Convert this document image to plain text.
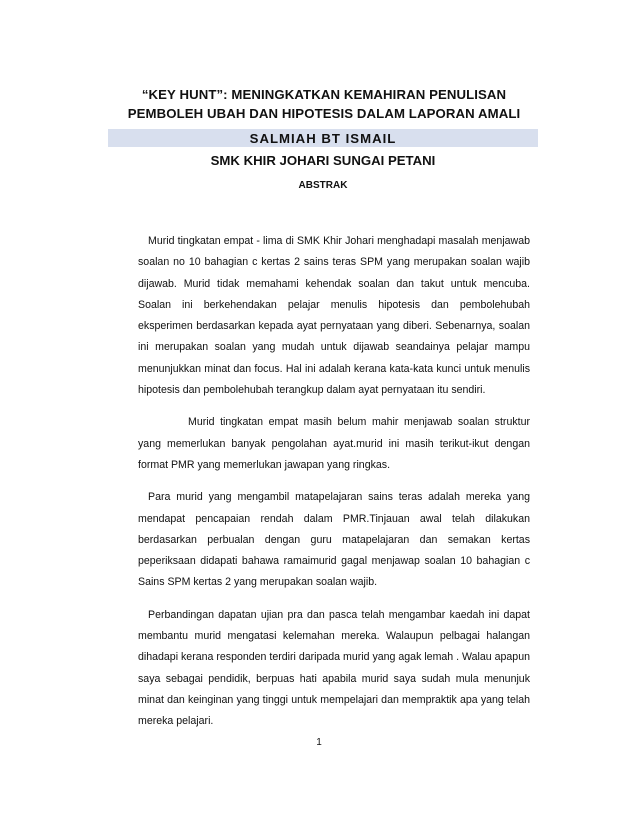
“KEY HUNT”: MENINGKATKAN KEMAHIRAN PENULISAN PEMBOLEH UBAH DAN HIPOTESIS DALAM LAPORAN AMALI
SALMIAH BT ISMAIL
SMK KHIR JOHARI SUNGAI PETANI
ABSTRAK

Murid tingkatan empat - lima di SMK Khir Johari menghadapi masalah menjawab soalan no 10 bahagian c kertas 2 sains teras SPM yang merupakan soalan wajib dijawab. Murid tidak memahami kehendak soalan dan takut untuk mencuba. Soalan ini berkehendakan pelajar menulis hipotesis dan pembolehubah eksperimen berdasarkan kepada ayat pernyataan yang diberi. Sebenarnya, soalan ini merupakan soalan yang mudah untuk dijawab seandainya pelajar mampu menunjukkan minat dan focus. Hal ini adalah kerana kata-kata kunci untuk menulis hipotesis dan pembolehubah terangkup dalam ayat pernyataan itu sendiri.

Murid tingkatan empat masih belum mahir menjawab soalan struktur yang memerlukan banyak pengolahan ayat.murid ini masih terikut-ikut dengan format PMR yang memerlukan jawapan yang ringkas.

Para murid yang mengambil matapelajaran sains teras adalah mereka yang mendapat pencapaian rendah dalam PMR.Tinjauan awal telah dilakukan berdasarkan perbualan dengan guru matapelajaran dan semakan kertas peperiksaan didapati bahawa ramaimurid gagal menjawap soalan 10 bahagian c Sains SPM kertas 2 yang merupakan soalan wajib.

Perbandingan dapatan ujian pra dan pasca telah mengambar kaedah ini dapat membantu murid mengatasi kelemahan mereka. Walaupun pelbagai halangan dihadapi kerana responden terdiri daripada murid yang agak lemah . Walau apapun saya sebagai pendidik, berpuas hati apabila murid saya sudah mula menunjuk minat dan keinginan yang tinggi untuk mempelajari dan mempraktik apa yang telah mereka pelajari.

1
